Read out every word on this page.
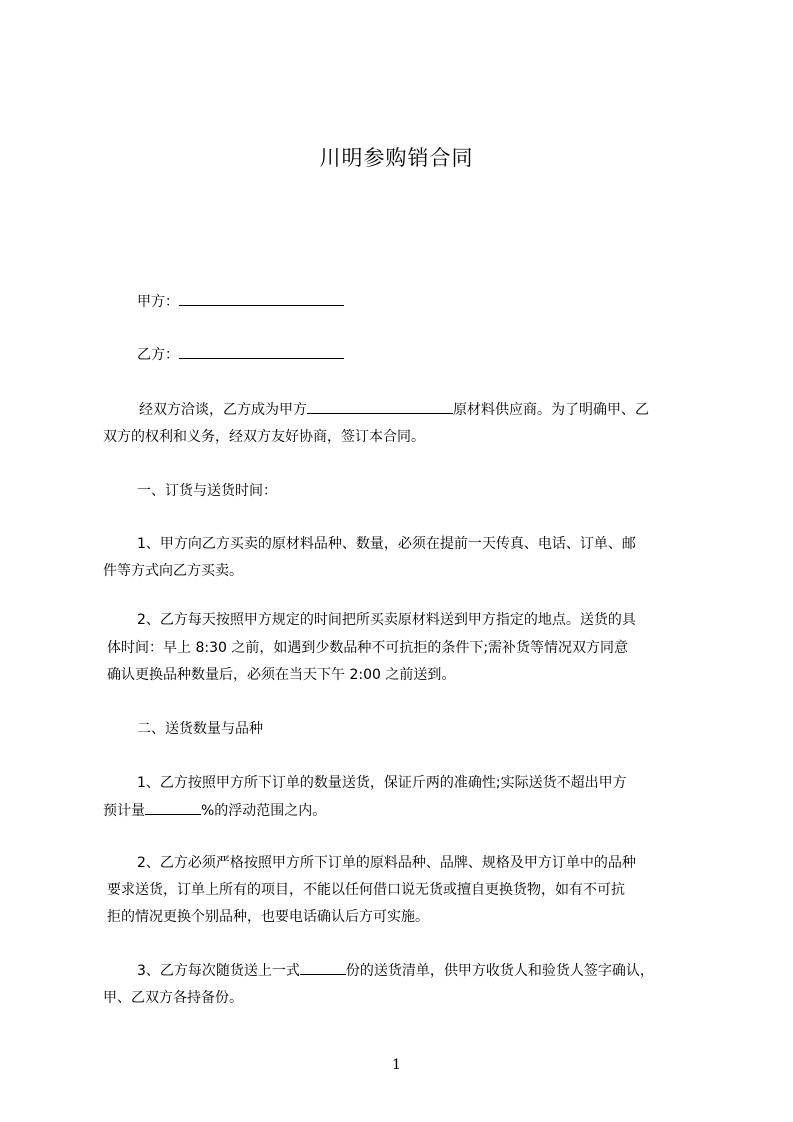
川明参购销合同
甲方：
乙方：
经双方洽谈，乙方成为甲方	原材料供应商。为了明确甲、乙
双方的权利和义务，经双方友好协商，签订本合同。
一、订货与送货时间：
1、甲方向乙方买卖的原材料品种、数量，必须在提前一天传真、电话、订单、邮
件等方式向乙方买卖。
2、乙方每天按照甲方规定的时间把所买卖原材料送到甲方指定的地点。送货的具
体时间：早上 8:30 之前，如遇到少数品种不可抗拒的条件下;需补货等情况双方同意
确认更换品种数量后，必须在当天下午 2:00 之前送到。
二、送货数量与品种
1、乙方按照甲方所下订单的数量送货，保证斤两的准确性;实际送货不超出甲方
预计量	%的浮动范围之内。
2、乙方必须严格按照甲方所下订单的原料品种、品牌、规格及甲方订单中的品种
要求送货，订单上所有的项目，不能以任何借口说无货或擅自更换货物，如有不可抗
拒的情况更换个别品种，也要电话确认后方可实施。
3、乙方每次随货送上一式	份的送货清单，供甲方收货人和验货人签字确认，
甲、乙双方各持备份。
1
